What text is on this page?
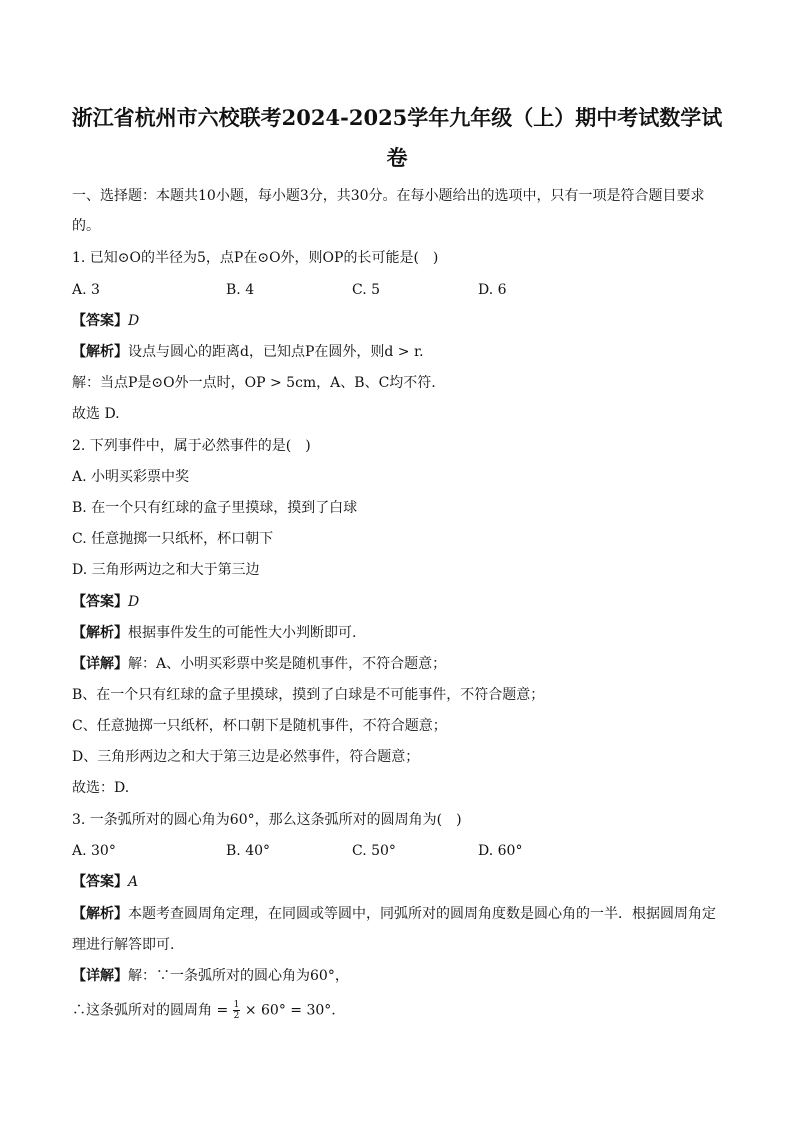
浙江省杭州市六校联考2024-2025学年九年级（上）期中考试数学试
卷
一、选择题：本题共10小题，每小题3分，共30分。在每小题给出的选项中，只有一项是符合题目要求
的。
1. 已知⊙O的半径为5，点P在⊙O外，则OP的长可能是(　)
A. 3	B. 4	C. 5	D. 6
【答案】D
【解析】设点与圆心的距离d，已知点P在圆外，则d > r.
解：当点P是⊙O外一点时，OP > 5cm，A、B、C均不符.
故选 D.
2. 下列事件中，属于必然事件的是(　)
A. 小明买彩票中奖
B. 在一个只有红球的盒子里摸球，摸到了白球
C. 任意抛掷一只纸杯，杯口朝下
D. 三角形两边之和大于第三边
【答案】D
【解析】根据事件发生的可能性大小判断即可.
【详解】解：A、小明买彩票中奖是随机事件，不符合题意；
B、在一个只有红球的盒子里摸球，摸到了白球是不可能事件，不符合题意；
C、任意抛掷一只纸杯，杯口朝下是随机事件，不符合题意；
D、三角形两边之和大于第三边是必然事件，符合题意；
故选：D.
3. 一条弧所对的圆心角为60°，那么这条弧所对的圆周角为(　)
A. 30°	B. 40°	C. 50°	D. 60°
【答案】A
【解析】本题考查圆周角定理，在同圆或等圆中，同弧所对的圆周角度数是圆心角的一半．根据圆周角定
理进行解答即可.
【详解】解：∵一条弧所对的圆心角为60°，
∴这条弧所对的圆周角 = $\frac{1}{2} \times 60^\circ = 30^\circ$.
